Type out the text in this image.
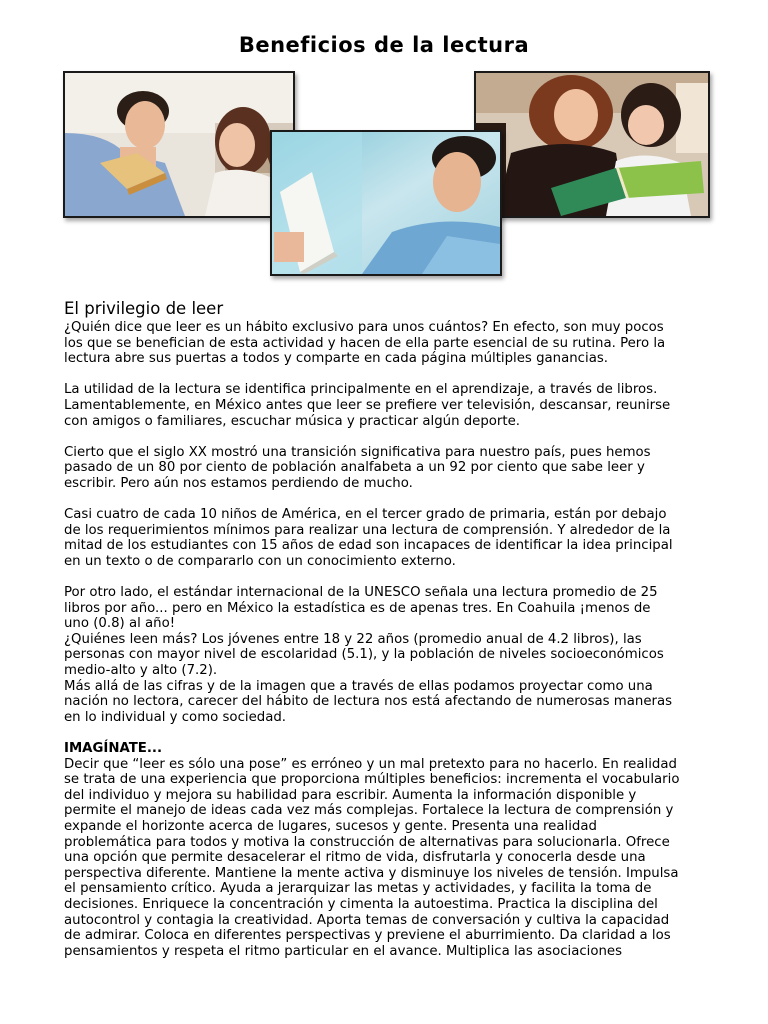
Beneficios de la lectura
El privilegio de leer

¿Quién dice que leer es un hábito exclusivo para unos cuántos? En efecto, son muy pocos
los que se benefician de esta actividad y hacen de ella parte esencial de su rutina. Pero la
lectura abre sus puertas a todos y comparte en cada página múltiples ganancias.

La utilidad de la lectura se identifica principalmente en el aprendizaje, a través de libros.
Lamentablemente, en México antes que leer se prefiere ver televisión, descansar, reunirse
con amigos o familiares, escuchar música y practicar algún deporte.

Cierto que el siglo XX mostró una transición significativa para nuestro país, pues hemos
pasado de un 80 por ciento de población analfabeta a un 92 por ciento que sabe leer y
escribir. Pero aún nos estamos perdiendo de mucho.

Casi cuatro de cada 10 niños de América, en el tercer grado de primaria, están por debajo
de los requerimientos mínimos para realizar una lectura de comprensión. Y alrededor de la
mitad de los estudiantes con 15 años de edad son incapaces de identificar la idea principal
en un texto o de compararlo con un conocimiento externo.

Por otro lado, el estándar internacional de la UNESCO señala una lectura promedio de 25
libros por año... pero en México la estadística es de apenas tres. En Coahuila ¡menos de
uno (0.8) al año!

¿Quiénes leen más? Los jóvenes entre 18 y 22 años (promedio anual de 4.2 libros), las
personas con mayor nivel de escolaridad (5.1), y la población de niveles socioeconómicos
medio-alto y alto (7.2).

Más allá de las cifras y de la imagen que a través de ellas podamos proyectar como una
nación no lectora, carecer del hábito de lectura nos está afectando de numerosas maneras
en lo individual y como sociedad.

IMAGÍNATE...

Decir que “leer es sólo una pose” es erróneo y un mal pretexto para no hacerlo. En realidad
se trata de una experiencia que proporciona múltiples beneficios: incrementa el vocabulario
del individuo y mejora su habilidad para escribir. Aumenta la información disponible y
permite el manejo de ideas cada vez más complejas. Fortalece la lectura de comprensión y
expande el horizonte acerca de lugares, sucesos y gente. Presenta una realidad
problemática para todos y motiva la construcción de alternativas para solucionarla. Ofrece
una opción que permite desacelerar el ritmo de vida, disfrutarla y conocerla desde una
perspectiva diferente. Mantiene la mente activa y disminuye los niveles de tensión. Impulsa
el pensamiento crítico. Ayuda a jerarquizar las metas y actividades, y facilita la toma de
decisiones. Enriquece la concentración y cimenta la autoestima. Practica la disciplina del
autocontrol y contagia la creatividad. Aporta temas de conversación y cultiva la capacidad
de admirar. Coloca en diferentes perspectivas y previene el aburrimiento. Da claridad a los
pensamientos y respeta el ritmo particular en el avance. Multiplica las asociaciones
